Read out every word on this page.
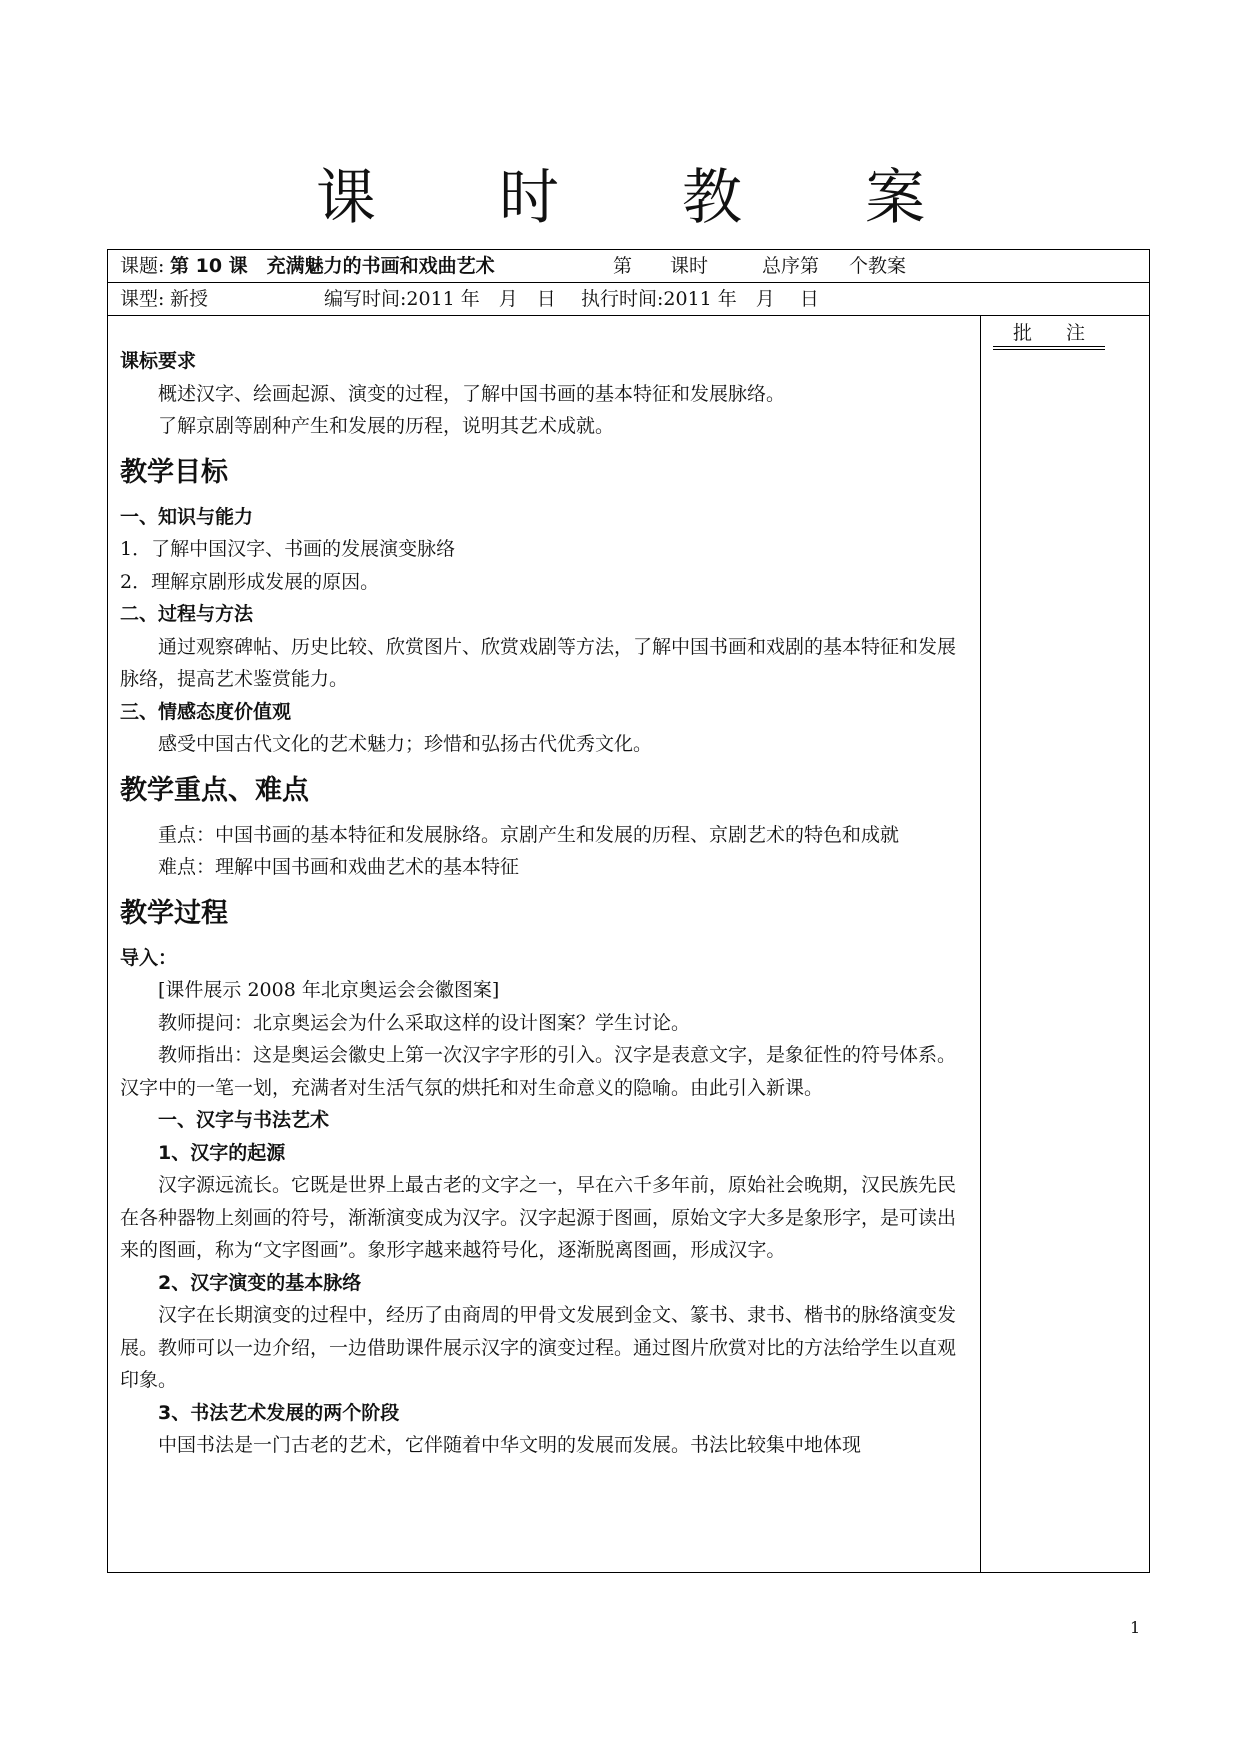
课 时 教 案
课题: 第 10 课　充满魅力的书画和戏曲艺术	第 课时	总序第 个教案
课型: 新授	编写时间:2011 年　月　日 执行时间:2011 年　月　 日
批 注

课标要求

概述汉字、绘画起源、演变的过程，了解中国书画的基本特征和发展脉络。

了解京剧等剧种产生和发展的历程，说明其艺术成就。

教学目标

一、知识与能力

1．了解中国汉字、书画的发展演变脉络

2．理解京剧形成发展的原因。

二、过程与方法

通过观察碑帖、历史比较、欣赏图片、欣赏戏剧等方法，了解中国书画和戏剧的基本特征和发展脉络，提高艺术鉴赏能力。

三、情感态度价值观

感受中国古代文化的艺术魅力；珍惜和弘扬古代优秀文化。

教学重点、难点

重点：中国书画的基本特征和发展脉络。京剧产生和发展的历程、京剧艺术的特色和成就

难点：理解中国书画和戏曲艺术的基本特征

教学过程

导入：

[课件展示 2008 年北京奥运会会徽图案]

教师提问：北京奥运会为什么采取这样的设计图案？学生讨论。

教师指出：这是奥运会徽史上第一次汉字字形的引入。汉字是表意文字，是象征性的符号体系。汉字中的一笔一划，充满者对生活气氛的烘托和对生命意义的隐喻。由此引入新课。

一、汉字与书法艺术

1、汉字的起源

汉字源远流长。它既是世界上最古老的文字之一，早在六千多年前，原始社会晚期，汉民族先民在各种器物上刻画的符号，渐渐演变成为汉字。汉字起源于图画，原始文字大多是象形字，是可读出来的图画，称为“文字图画”。象形字越来越符号化，逐渐脱离图画，形成汉字。

2、汉字演变的基本脉络

汉字在长期演变的过程中，经历了由商周的甲骨文发展到金文、篆书、隶书、楷书的脉络演变发展。教师可以一边介绍，一边借助课件展示汉字的演变过程。通过图片欣赏对比的方法给学生以直观印象。

3、书法艺术发展的两个阶段

中国书法是一门古老的艺术，它伴随着中华文明的发展而发展。书法比较集中地体现

1
